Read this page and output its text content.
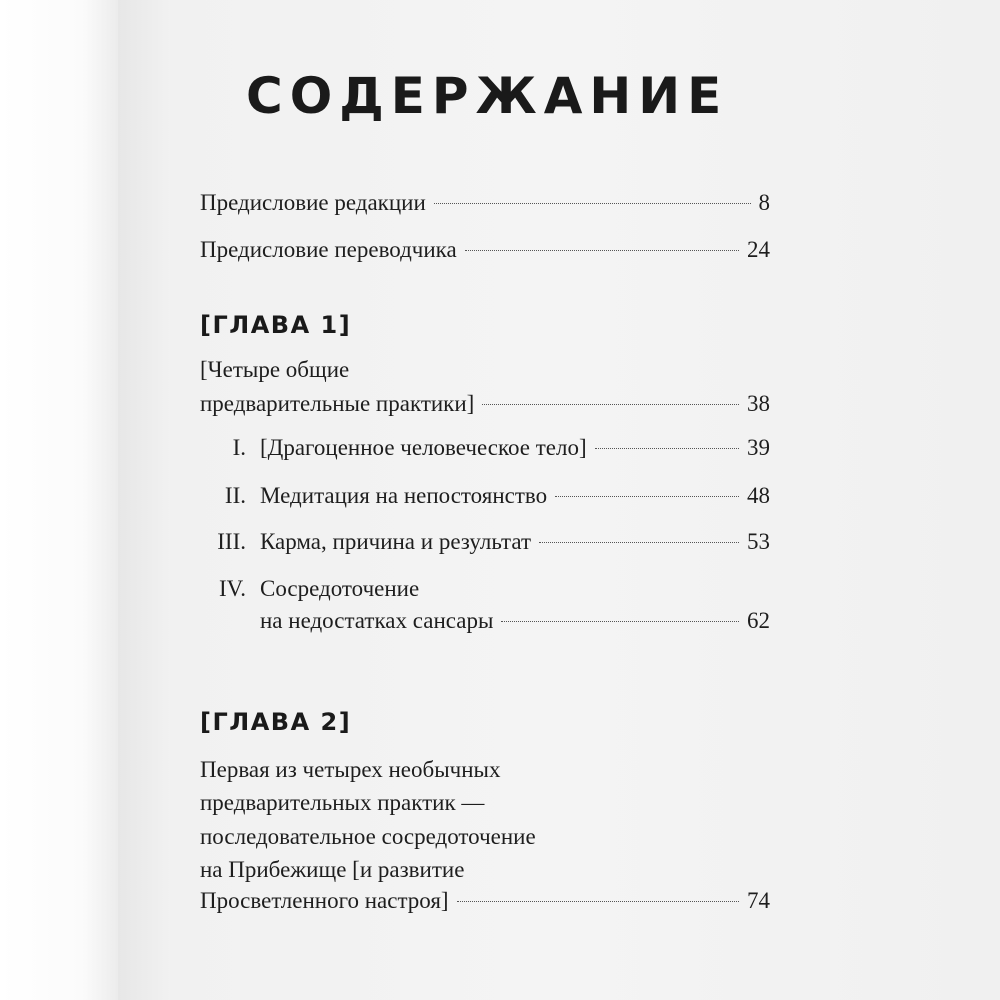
СОДЕРЖАНИЕ
Предисловие редакции	8
Предисловие переводчика	24
[ГЛАВА 1]
[Четыре общие
предварительные практики]	38
I. [Драгоценное человеческое тело]	39
II. Медитация на непостоянство	48
III. Карма, причина и результат	53
IV. Сосредоточение
на недостатках сансары	62
[ГЛАВА 2]
Первая из четырех необычных
предварительных практик —
последовательное сосредоточение
на Прибежище [и развитие
Просветленного настроя]	74
